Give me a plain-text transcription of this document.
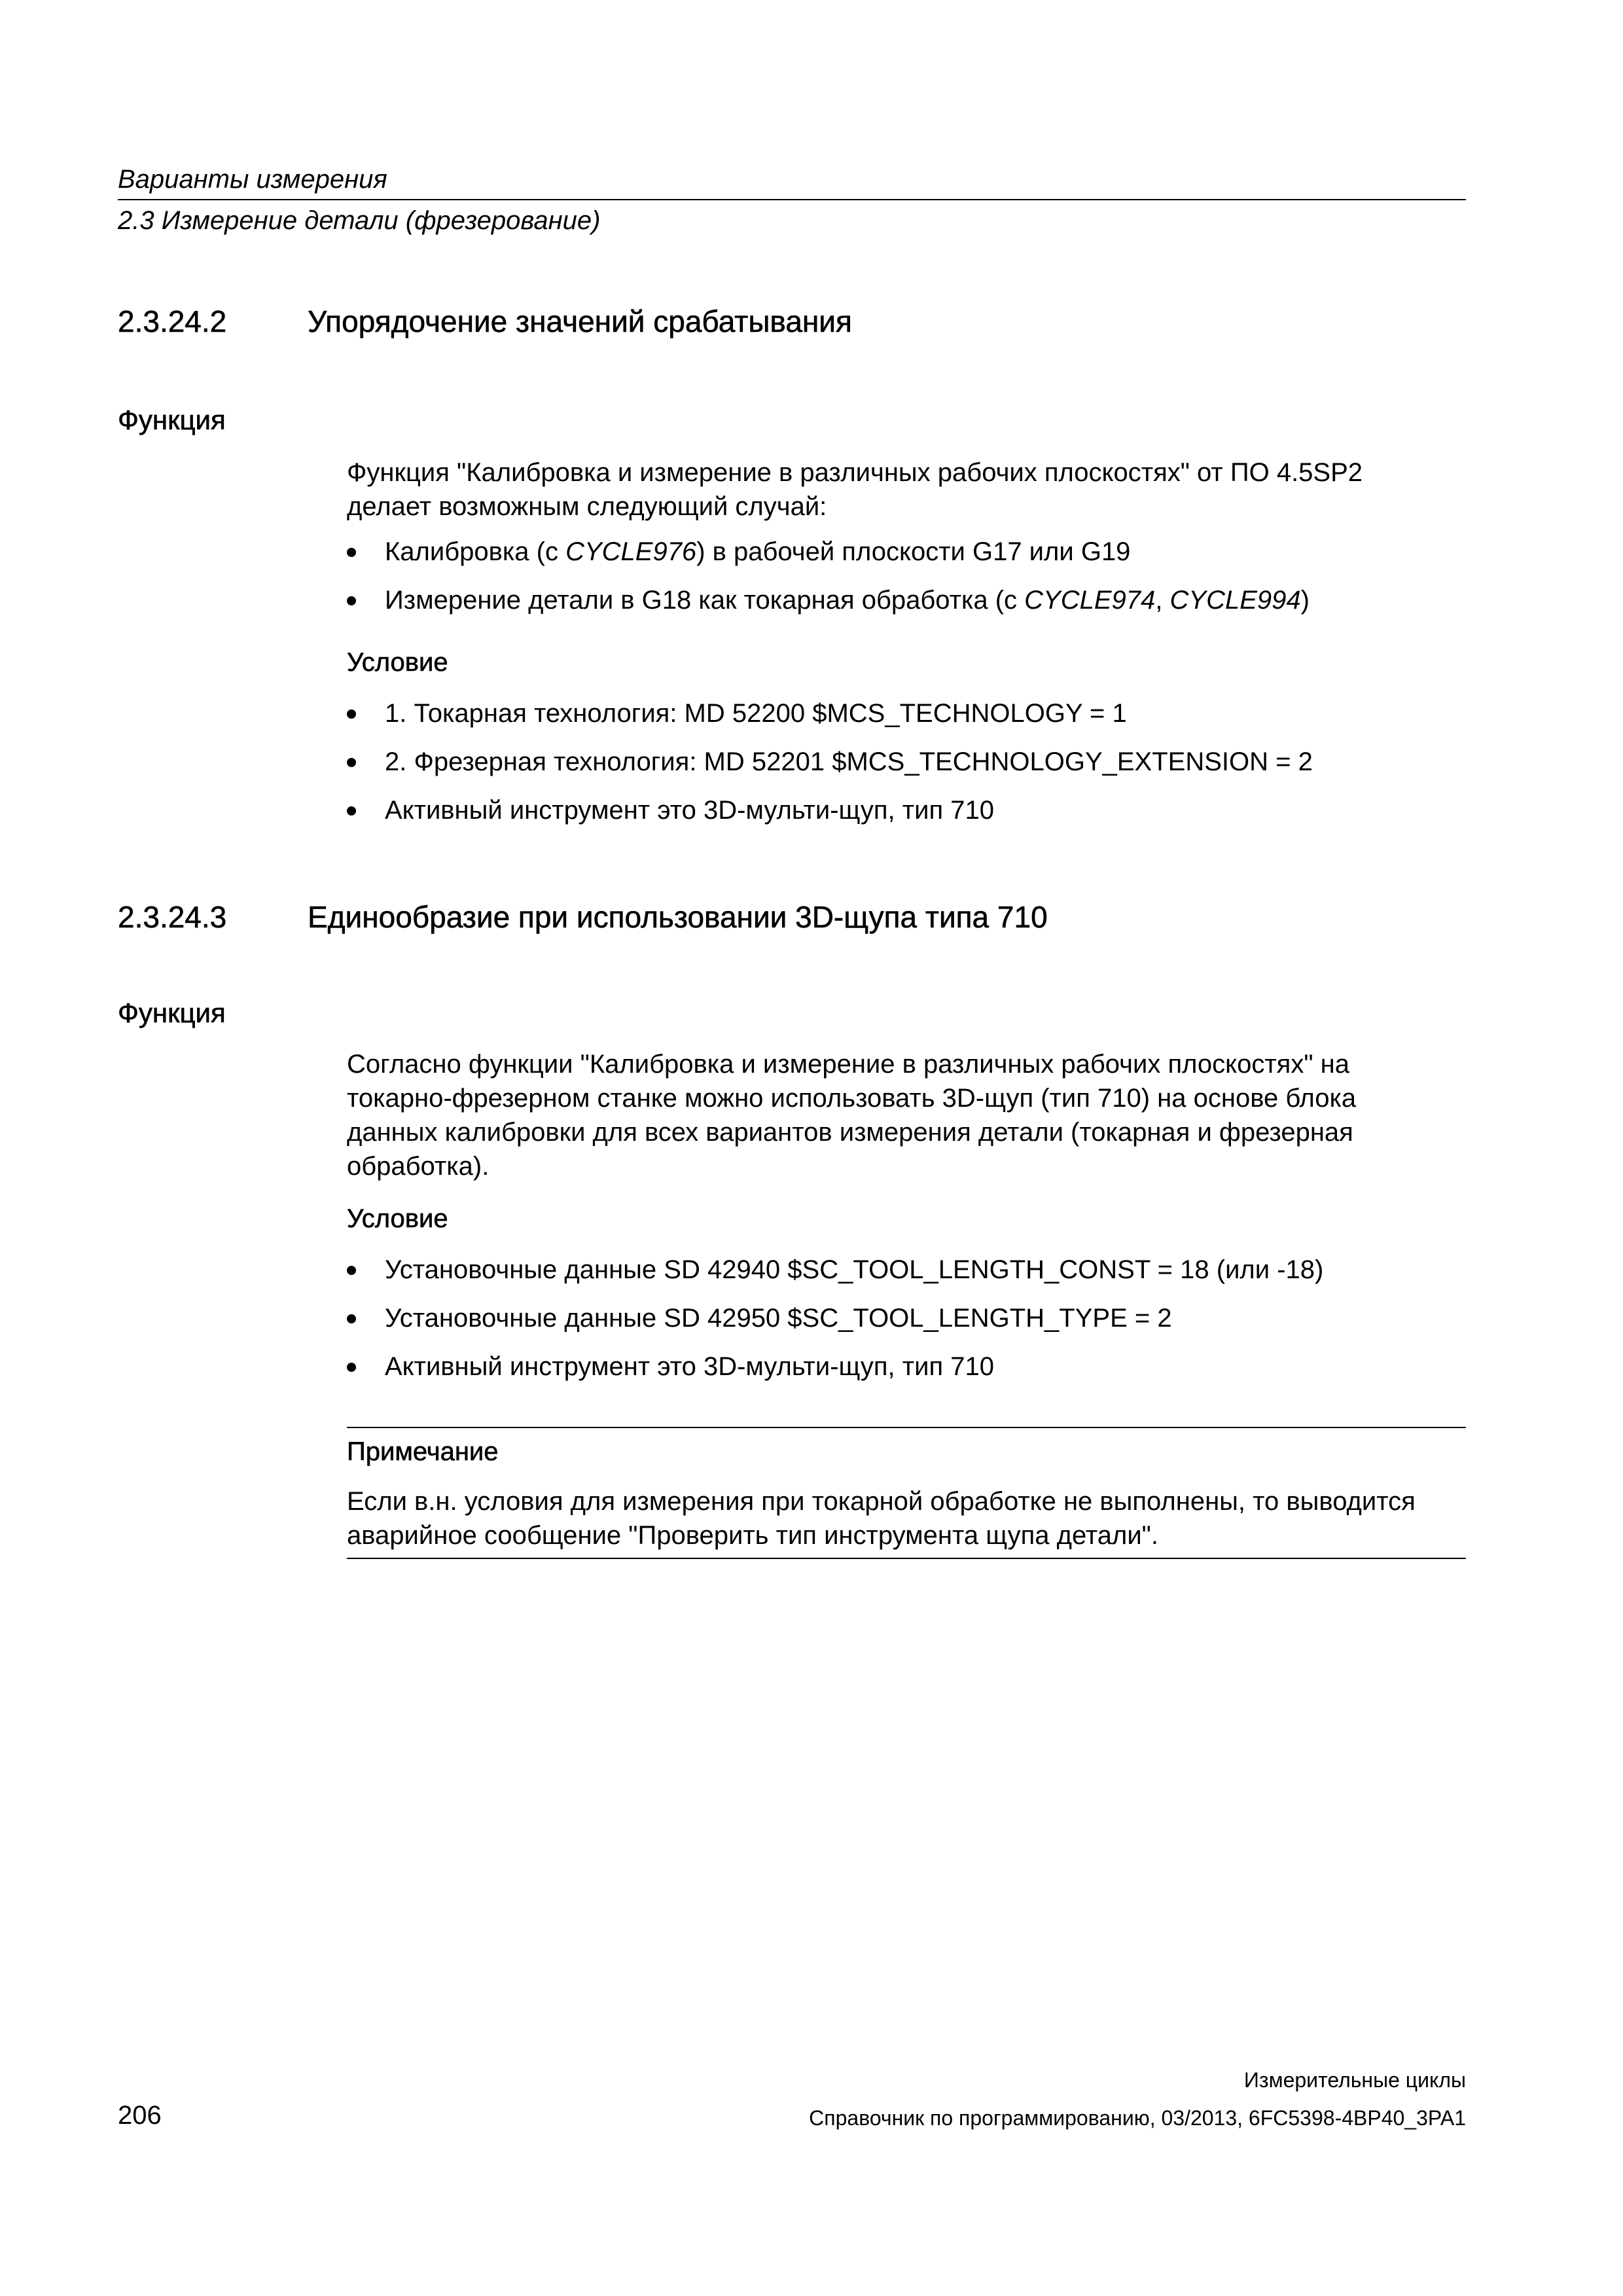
Варианты измерения
2.3 Измерение детали (фрезерование)
2.3.24.2	Упорядочение значений срабатывания
Функция
Функция "Калибровка и измерение в различных рабочих плоскостях" от ПО 4.5SP2
делает возможным следующий случай:
Калибровка (с CYCLE976) в рабочей плоскости G17 или G19
Измерение детали в G18 как токарная обработка (с CYCLE974, CYCLE994)
Условие
1. Токарная технология: MD 52200 $MCS_TECHNOLOGY = 1
2. Фрезерная технология: MD 52201 $MCS_TECHNOLOGY_EXTENSION = 2
Активный инструмент это 3D-мульти-щуп, тип 710
2.3.24.3	Единообразие при использовании 3D-щупа типа 710
Функция
Согласно функции "Калибровка и измерение в различных рабочих плоскостях" на
токарно-фрезерном станке можно использовать 3D-щуп (тип 710) на основе блока
данных калибровки для всех вариантов измерения детали (токарная и фрезерная
обработка).
Условие
Установочные данные SD 42940 $SC_TOOL_LENGTH_CONST = 18 (или -18)
Установочные данные SD 42950 $SC_TOOL_LENGTH_TYPE = 2
Активный инструмент это 3D-мульти-щуп, тип 710
Примечание
Если в.н. условия для измерения при токарной обработке не выполнены, то выводится
аварийное сообщение "Проверить тип инструмента щупа детали".
Измерительные циклы
206	Справочник по программированию, 03/2013, 6FC5398-4BP40_3PA1
